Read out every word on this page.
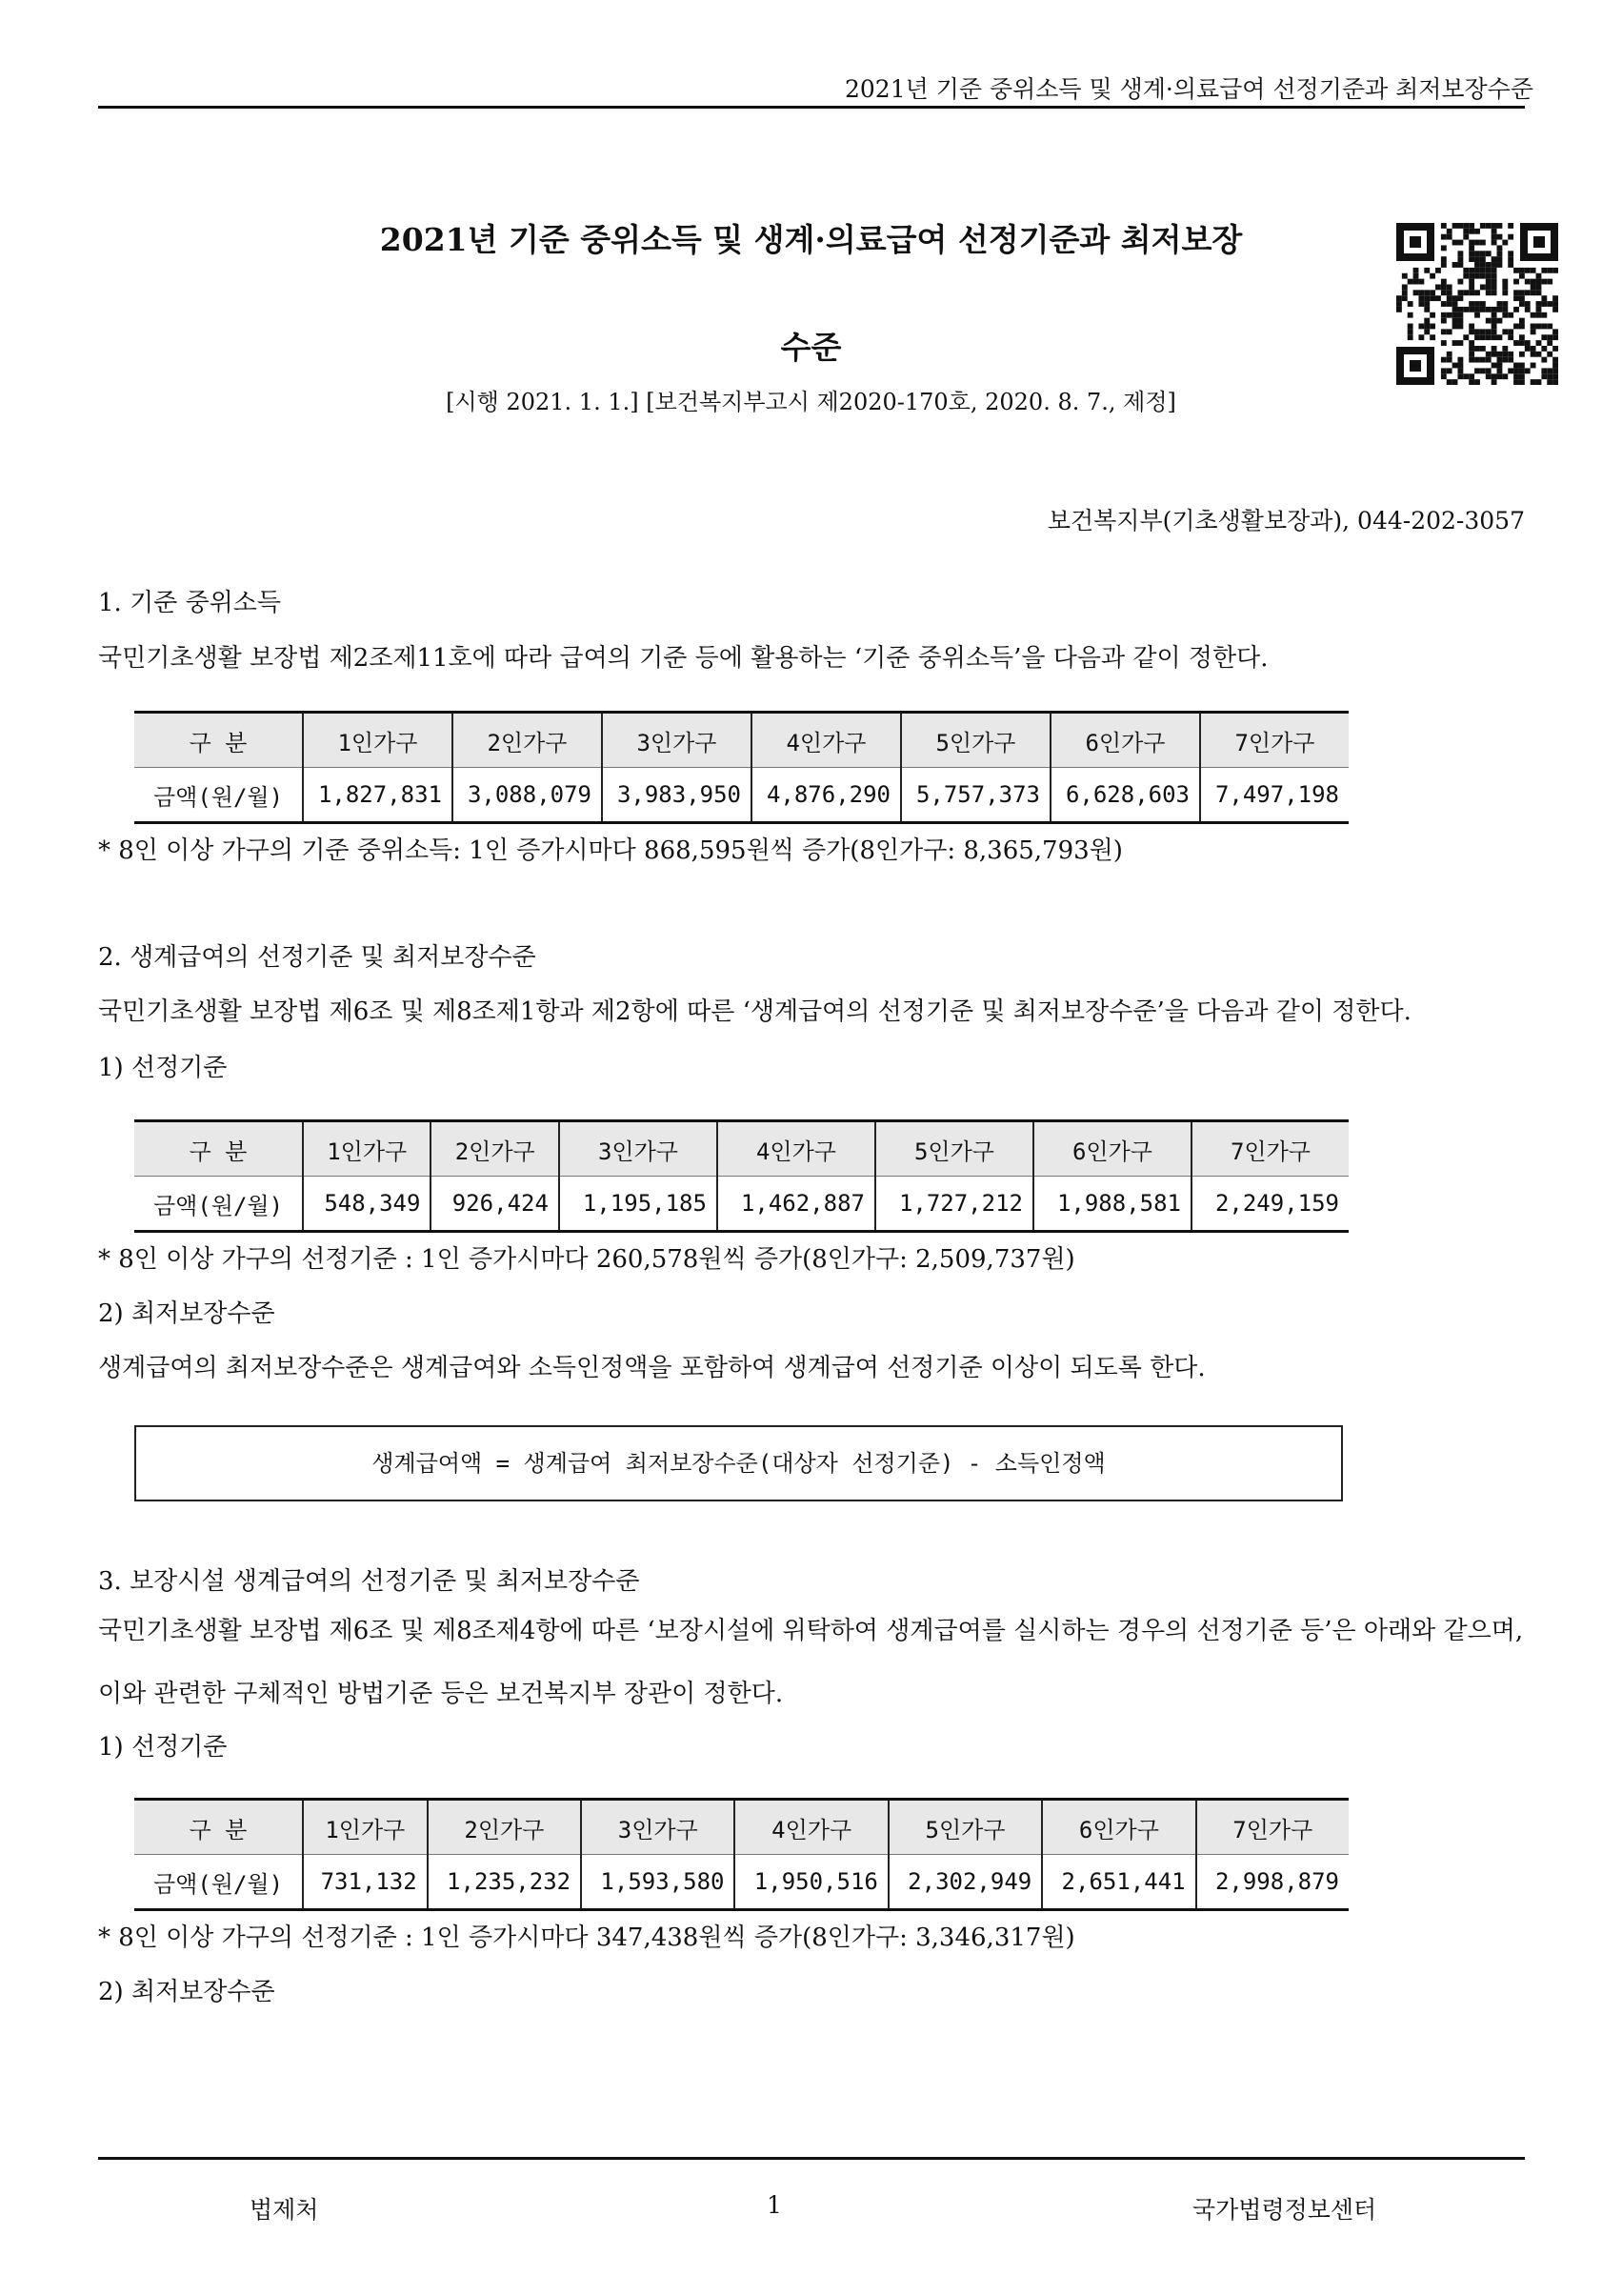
2021년 기준 중위소득 및 생계·의료급여 선정기준과 최저보장수준
2021년 기준 중위소득 및 생계·의료급여 선정기준과 최저보장
수준
[시행 2021. 1. 1.] [보건복지부고시 제2020-170호, 2020. 8. 7., 제정]
보건복지부(기초생활보장과), 044-202-3057
1. 기준 중위소득
국민기초생활 보장법 제2조제11호에 따라 급여의 기준 등에 활용하는 ‘기준 중위소득’을 다음과 같이 정한다.
구 분	1인가구	2인가구	3인가구	4인가구	5인가구	6인가구	7인가구
금액(원/월)	1,827,831	3,088,079	3,983,950	4,876,290	5,757,373	6,628,603	7,497,198
* 8인 이상 가구의 기준 중위소득: 1인 증가시마다 868,595원씩 증가(8인가구: 8,365,793원)
2. 생계급여의 선정기준 및 최저보장수준
국민기초생활 보장법 제6조 및 제8조제1항과 제2항에 따른 ‘생계급여의 선정기준 및 최저보장수준’을 다음과 같이 정한다.
1) 선정기준
구 분	1인가구	2인가구	3인가구	4인가구	5인가구	6인가구	7인가구
금액(원/월)	548,349	926,424	1,195,185	1,462,887	1,727,212	1,988,581	2,249,159
* 8인 이상 가구의 선정기준 : 1인 증가시마다 260,578원씩 증가(8인가구: 2,509,737원)
2) 최저보장수준
생계급여의 최저보장수준은 생계급여와 소득인정액을 포함하여 생계급여 선정기준 이상이 되도록 한다.
생계급여액 = 생계급여 최저보장수준(대상자 선정기준) - 소득인정액
3. 보장시설 생계급여의 선정기준 및 최저보장수준
국민기초생활 보장법 제6조 및 제8조제4항에 따른 ‘보장시설에 위탁하여 생계급여를 실시하는 경우의 선정기준 등’은 아래와 같으며, 이와 관련한 구체적인 방법기준 등은 보건복지부 장관이 정한다.
1) 선정기준
구 분	1인가구	2인가구	3인가구	4인가구	5인가구	6인가구	7인가구
금액(원/월)	731,132	1,235,232	1,593,580	1,950,516	2,302,949	2,651,441	2,998,879
* 8인 이상 가구의 선정기준 : 1인 증가시마다 347,438원씩 증가(8인가구: 3,346,317원)
2) 최저보장수준
법제처	1	국가법령정보센터
